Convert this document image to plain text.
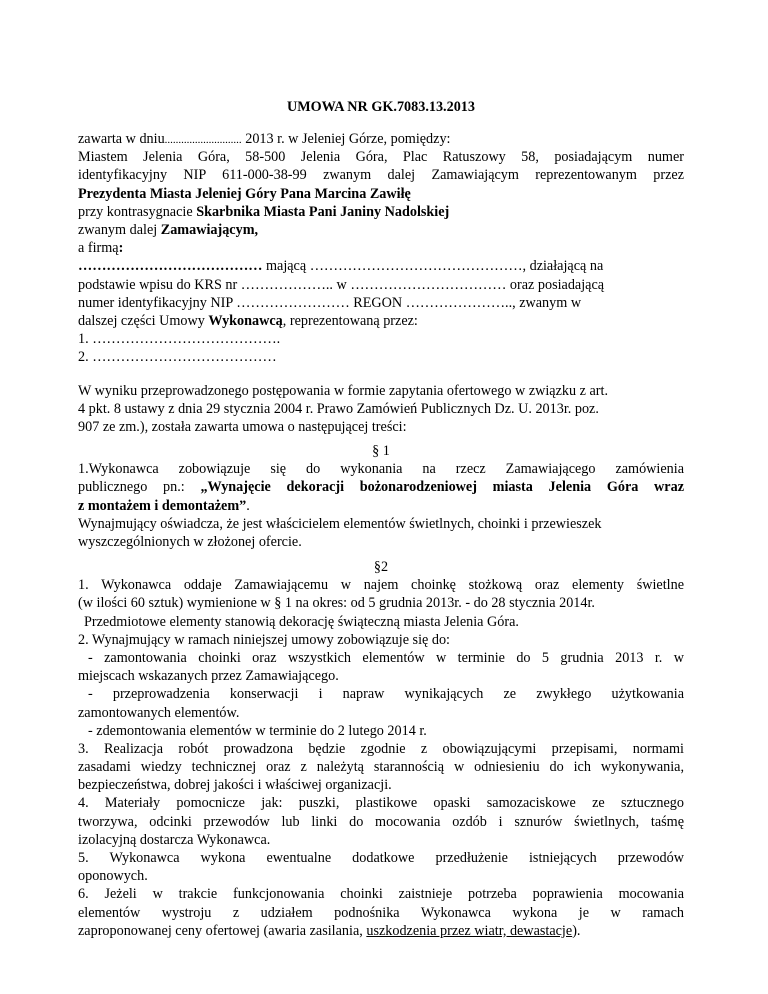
UMOWA NR GK.7083.13.2013
zawarta w dniu............................ 2013 r. w Jeleniej Górze, pomiędzy:
Miastem Jelenia Góra, 58-500 Jelenia Góra, Plac Ratuszowy 58, posiadającym numer
identyfikacyjny NIP 611-000-38-99 zwanym dalej Zamawiającym reprezentowanym przez
Prezydenta Miasta Jeleniej Góry Pana Marcina Zawiłę
przy kontrasygnacie Skarbnika Miasta Pani Janiny Nadolskiej
zwanym dalej Zamawiającym,
a firmą:
………………………………… mającą ………………………………………, działającą na
podstawie wpisu do KRS nr ……………….. w …………………………… oraz posiadającą
numer identyfikacyjny NIP …………………… REGON ………………….., zwanym w
dalszej części Umowy Wykonawcą, reprezentowaną przez:
1. ………………………………….
2. …………………………………
W wyniku przeprowadzonego postępowania w formie zapytania ofertowego w związku z art.
4 pkt. 8 ustawy z dnia 29 stycznia 2004 r. Prawo Zamówień Publicznych Dz. U. 2013r. poz.
907 ze zm.), została zawarta umowa o następującej treści:
§ 1
1.Wykonawca zobowiązuje się do wykonania na rzecz Zamawiającego zamówienia
publicznego pn.: „Wynajęcie dekoracji bożonarodzeniowej miasta Jelenia Góra wraz
z montażem i demontażem”.
Wynajmujący oświadcza, że jest właścicielem elementów świetlnych, choinki i przewieszek
wyszczególnionych w złożonej ofercie.
§2
1. Wykonawca oddaje Zamawiającemu w najem choinkę stożkową oraz elementy świetlne
(w ilości 60 sztuk) wymienione w § 1 na okres: od 5 grudnia 2013r. - do 28 stycznia 2014r.
Przedmiotowe elementy stanowią dekorację świąteczną miasta Jelenia Góra.
2. Wynajmujący w ramach niniejszej umowy zobowiązuje się do:
- zamontowania choinki oraz wszystkich elementów w terminie do 5 grudnia 2013 r. w
miejscach wskazanych przez Zamawiającego.
- przeprowadzenia konserwacji i napraw wynikających ze zwykłego użytkowania
zamontowanych elementów.
- zdemontowania elementów w terminie do 2 lutego 2014 r.
3. Realizacja robót prowadzona będzie zgodnie z obowiązującymi przepisami, normami
zasadami wiedzy technicznej oraz z należytą starannością w odniesieniu do ich wykonywania,
bezpieczeństwa, dobrej jakości i właściwej organizacji.
4. Materiały pomocnicze jak: puszki, plastikowe opaski samozaciskowe ze sztucznego
tworzywa, odcinki przewodów lub linki do mocowania ozdób i sznurów świetlnych, taśmę
izolacyjną dostarcza Wykonawca.
5. Wykonawca wykona ewentualne dodatkowe przedłużenie istniejących przewodów
oponowych.
6. Jeżeli w trakcie funkcjonowania choinki zaistnieje potrzeba poprawienia mocowania
elementów wystroju z udziałem podnośnika Wykonawca wykona je w ramach
zaproponowanej ceny ofertowej (awaria zasilania, uszkodzenia przez wiatr, dewastacje).
